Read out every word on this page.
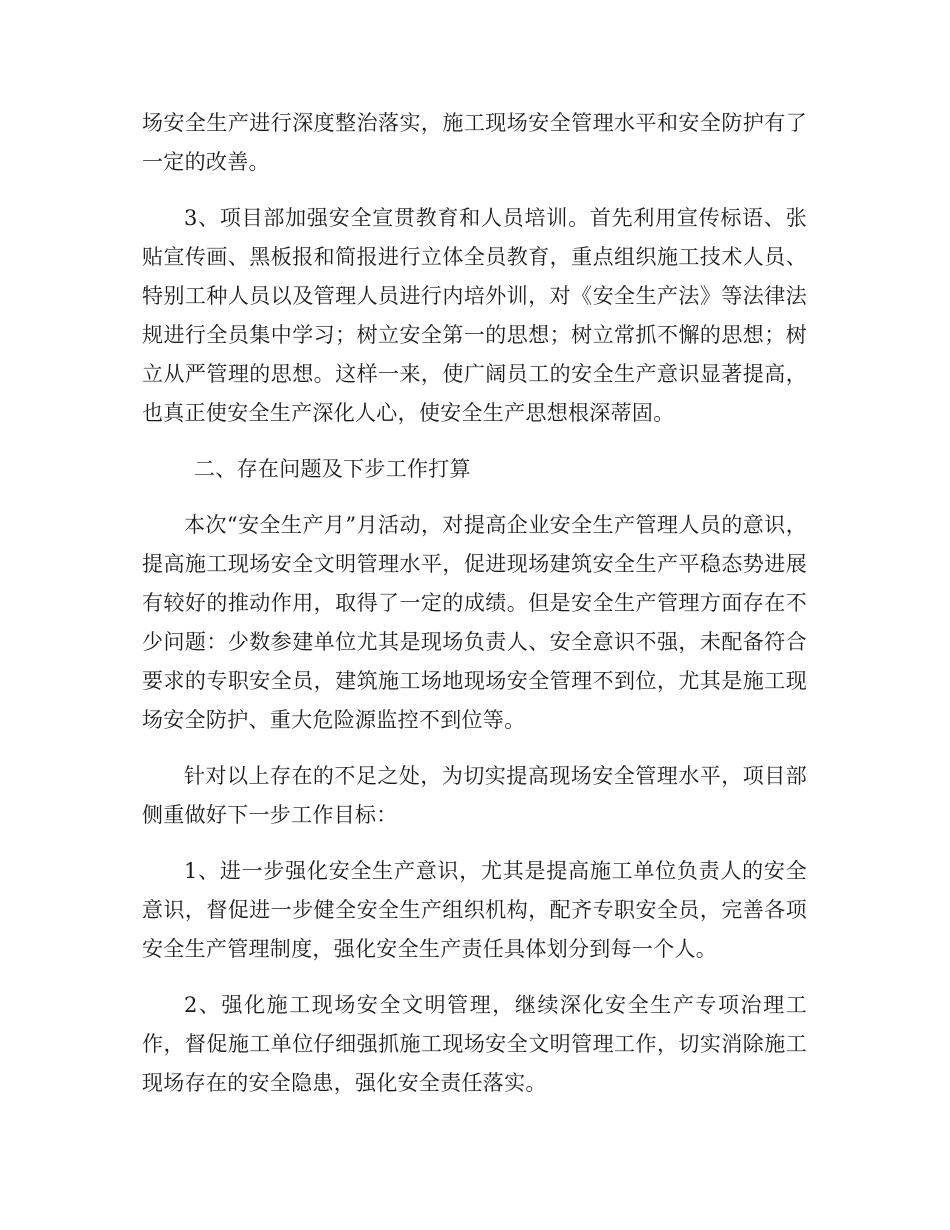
场安全生产进行深度整治落实，施工现场安全管理水平和安全防护有了一定的改善。

3、项目部加强安全宣贯教育和人员培训。首先利用宣传标语、张贴宣传画、黑板报和简报进行立体全员教育，重点组织施工技术人员、特别工种人员以及管理人员进行内培外训，对《安全生产法》等法律法规进行全员集中学习；树立安全第一的思想；树立常抓不懈的思想；树立从严管理的思想。这样一来，使广阔员工的安全生产意识显著提高，也真正使安全生产深化人心，使安全生产思想根深蒂固。

二、存在问题及下步工作打算

本次“安全生产月”月活动，对提高企业安全生产管理人员的意识，提高施工现场安全文明管理水平，促进现场建筑安全生产平稳态势进展有较好的推动作用，取得了一定的成绩。但是安全生产管理方面存在不少问题：少数参建单位尤其是现场负责人、安全意识不强，未配备符合要求的专职安全员，建筑施工场地现场安全管理不到位，尤其是施工现场安全防护、重大危险源监控不到位等。

针对以上存在的不足之处，为切实提高现场安全管理水平，项目部侧重做好下一步工作目标：

1、进一步强化安全生产意识，尤其是提高施工单位负责人的安全意识，督促进一步健全安全生产组织机构，配齐专职安全员，完善各项安全生产管理制度，强化安全生产责任具体划分到每一个人。

2、强化施工现场安全文明管理，继续深化安全生产专项治理工作，督促施工单位仔细强抓施工现场安全文明管理工作，切实消除施工现场存在的安全隐患，强化安全责任落实。
